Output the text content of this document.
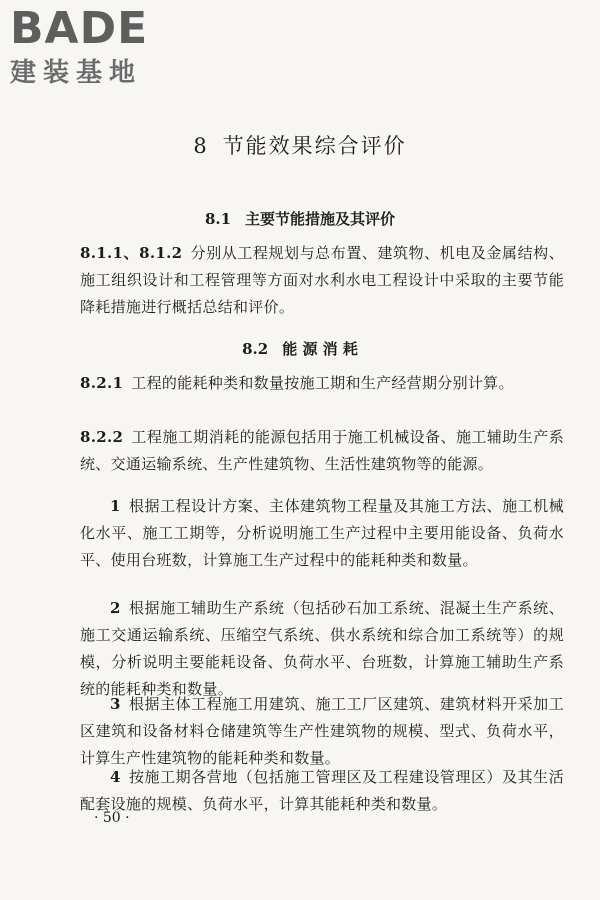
BADE
建装基地
8 节能效果综合评价
8.1 主要节能措施及其评价
8.1.1、8.1.2 分别从工程规划与总布置、建筑物、机电及金属结构、施工组织设计和工程管理等方面对水利水电工程设计中采取的主要节能降耗措施进行概括总结和评价。
8.2 能 源 消 耗
8.2.1 工程的能耗种类和数量按施工期和生产经营期分别计算。
8.2.2 工程施工期消耗的能源包括用于施工机械设备、施工辅助生产系统、交通运输系统、生产性建筑物、生活性建筑物等的能源。
1 根据工程设计方案、主体建筑物工程量及其施工方法、施工机械化水平、施工工期等，分析说明施工生产过程中主要用能设备、负荷水平、使用台班数，计算施工生产过程中的能耗种类和数量。
2 根据施工辅助生产系统（包括砂石加工系统、混凝土生产系统、施工交通运输系统、压缩空气系统、供水系统和综合加工系统等）的规模，分析说明主要能耗设备、负荷水平、台班数，计算施工辅助生产系统的能耗种类和数量。
3 根据主体工程施工用建筑、施工工厂区建筑、建筑材料开采加工区建筑和设备材料仓储建筑等生产性建筑物的规模、型式、负荷水平，计算生产性建筑物的能耗种类和数量。
4 按施工期各营地（包括施工管理区及工程建设管理区）及其生活配套设施的规模、负荷水平，计算其能耗种类和数量。
· 50 ·
